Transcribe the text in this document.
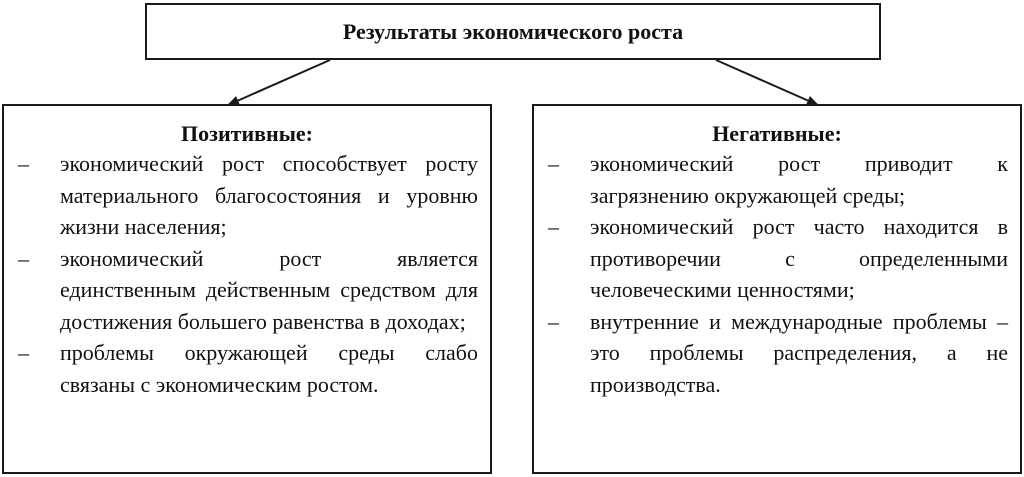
Результаты экономического роста
Позитивные:
– экономический рост способствует росту материального благосостояния и уровню жизни населения;
– экономический рост является единственным действенным средством для достижения большего равенства в доходах;
– проблемы окружающей среды слабо связаны с экономическим ростом.
Негативные:
– экономический рост приводит к загрязнению окружающей среды;
– экономический рост часто находится в противоречии с определенными человеческими ценностями;
– внутренние и международные проблемы – это проблемы распределения, а не производства.
